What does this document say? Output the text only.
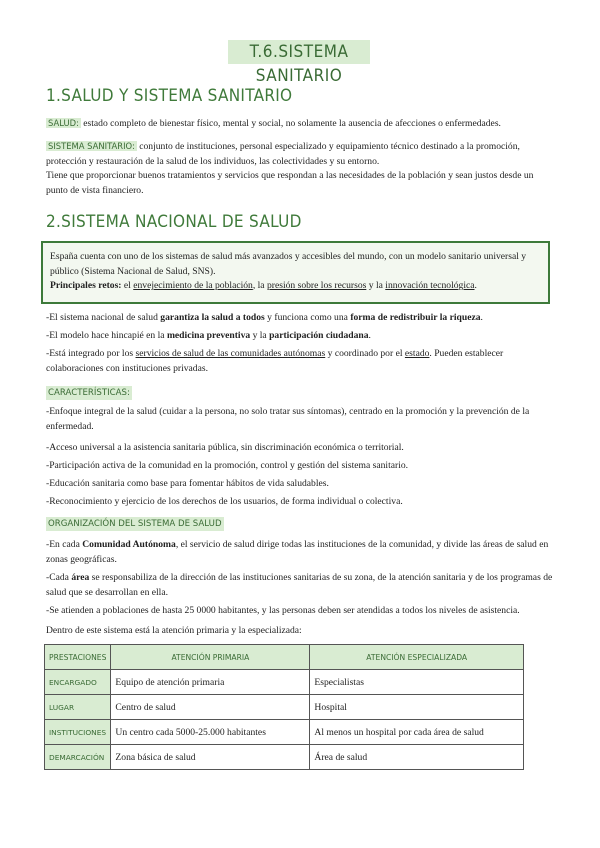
T.6.SISTEMA SANITARIO
1.SALUD Y SISTEMA SANITARIO
SALUD: estado completo de bienestar físico, mental y social, no solamente la ausencia de afecciones o enfermedades.
SISTEMA SANITARIO: conjunto de instituciones, personal especializado y equipamiento técnico destinado a la promoción, protección y restauración de la salud de los individuos, las colectividades y su entorno.
Tiene que proporcionar buenos tratamientos y servicios que respondan a las necesidades de la población y sean justos desde un punto de vista financiero.
2.SISTEMA NACIONAL DE SALUD
España cuenta con uno de los sistemas de salud más avanzados y accesibles del mundo, con un modelo sanitario universal y público (Sistema Nacional de Salud, SNS).
Principales retos: el envejecimiento de la población, la presión sobre los recursos y la innovación tecnológica.
-El sistema nacional de salud garantiza la salud a todos y funciona como una forma de redistribuir la riqueza.
-El modelo hace hincapié en la medicina preventiva y la participación ciudadana.
-Está integrado por los servicios de salud de las comunidades autónomas y coordinado por el estado. Pueden establecer colaboraciones con instituciones privadas.
CARACTERÍSTICAS:
-Enfoque integral de la salud (cuidar a la persona, no solo tratar sus síntomas), centrado en la promoción y la prevención de la enfermedad.
-Acceso universal a la asistencia sanitaria pública, sin discriminación económica o territorial.
-Participación activa de la comunidad en la promoción, control y gestión del sistema sanitario.
-Educación sanitaria como base para fomentar hábitos de vida saludables.
-Reconocimiento y ejercicio de los derechos de los usuarios, de forma individual o colectiva.
ORGANIZACIÓN DEL SISTEMA DE SALUD
-En cada Comunidad Autónoma, el servicio de salud dirige todas las instituciones de la comunidad, y divide las áreas de salud en zonas geográficas.
-Cada área se responsabiliza de la dirección de las instituciones sanitarias de su zona, de la atención sanitaria y de los programas de salud que se desarrollan en ella.
-Se atienden a poblaciones de hasta 25 0000 habitantes, y las personas deben ser atendidas a todos los niveles de asistencia.
Dentro de este sistema está la atención primaria y la especializada:
PRESTACIONES	ATENCIÓN PRIMARIA	ATENCIÓN ESPECIALIZADA
ENCARGADO	Equipo de atención primaria	Especialistas
LUGAR	Centro de salud	Hospital
INSTITUCIONES	Un centro cada 5000-25.000 habitantes	Al menos un hospital por cada área de salud
DEMARCACIÓN	Zona básica de salud	Área de salud
